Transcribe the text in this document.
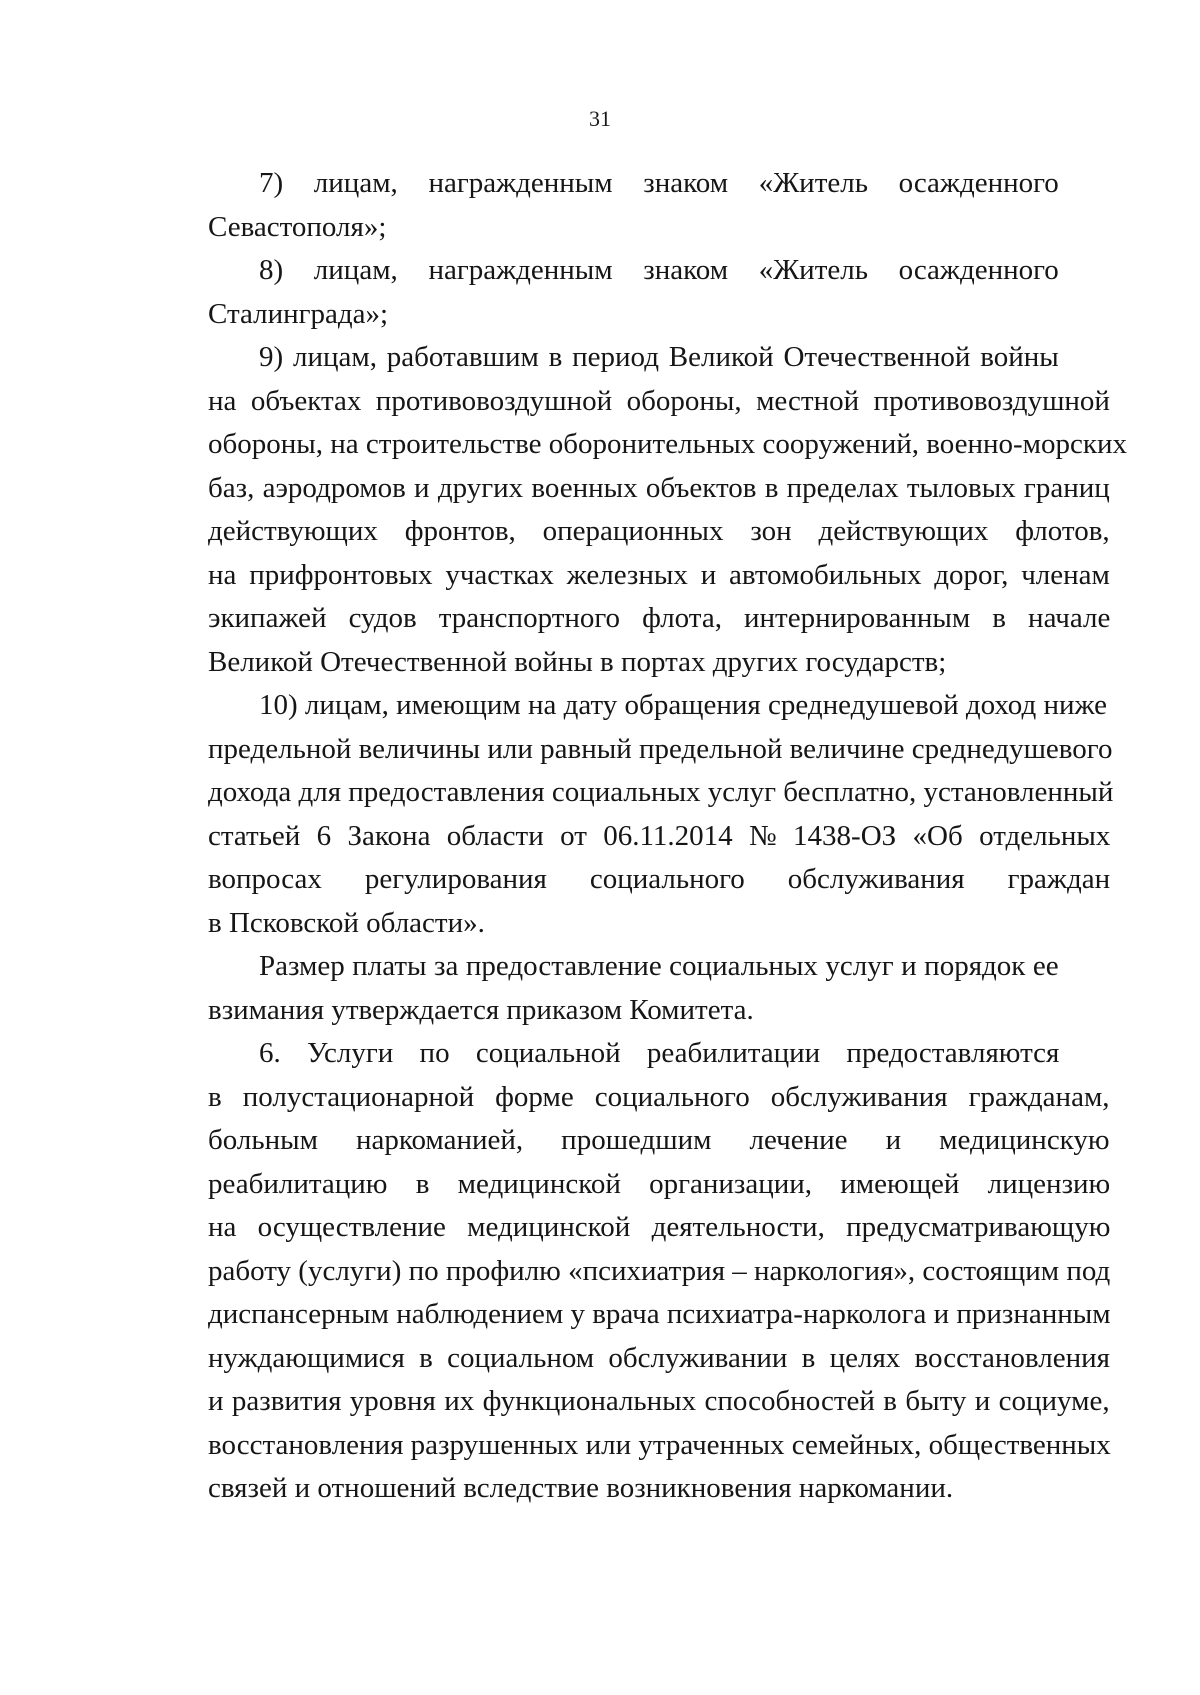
31
7) лицам, награжденным знаком «Житель осажденного
Севастополя»;
8) лицам, награжденным знаком «Житель осажденного
Сталинграда»;
9) лицам, работавшим в период Великой Отечественной войны
на объектах противовоздушной обороны, местной противовоздушной
обороны, на строительстве оборонительных сооружений, военно-морских
баз, аэродромов и других военных объектов в пределах тыловых границ
действующих фронтов, операционных зон действующих флотов,
на прифронтовых участках железных и автомобильных дорог, членам
экипажей судов транспортного флота, интернированным в начале
Великой Отечественной войны в портах других государств;
10) лицам, имеющим на дату обращения среднедушевой доход ниже
предельной величины или равный предельной величине среднедушевого
дохода для предоставления социальных услуг бесплатно, установленный
статьей 6 Закона области от 06.11.2014 № 1438-ОЗ «Об отдельных
вопросах регулирования социального обслуживания граждан
в Псковской области».
Размер платы за предоставление социальных услуг и порядок ее
взимания утверждается приказом Комитета.
6. Услуги по социальной реабилитации предоставляются
в полустационарной форме социального обслуживания гражданам,
больным наркоманией, прошедшим лечение и медицинскую
реабилитацию в медицинской организации, имеющей лицензию
на осуществление медицинской деятельности, предусматривающую
работу (услуги) по профилю «психиатрия – наркология», состоящим под
диспансерным наблюдением у врача психиатра-нарколога и признанным
нуждающимися в социальном обслуживании в целях восстановления
и развития уровня их функциональных способностей в быту и социуме,
восстановления разрушенных или утраченных семейных, общественных
связей и отношений вследствие возникновения наркомании.
